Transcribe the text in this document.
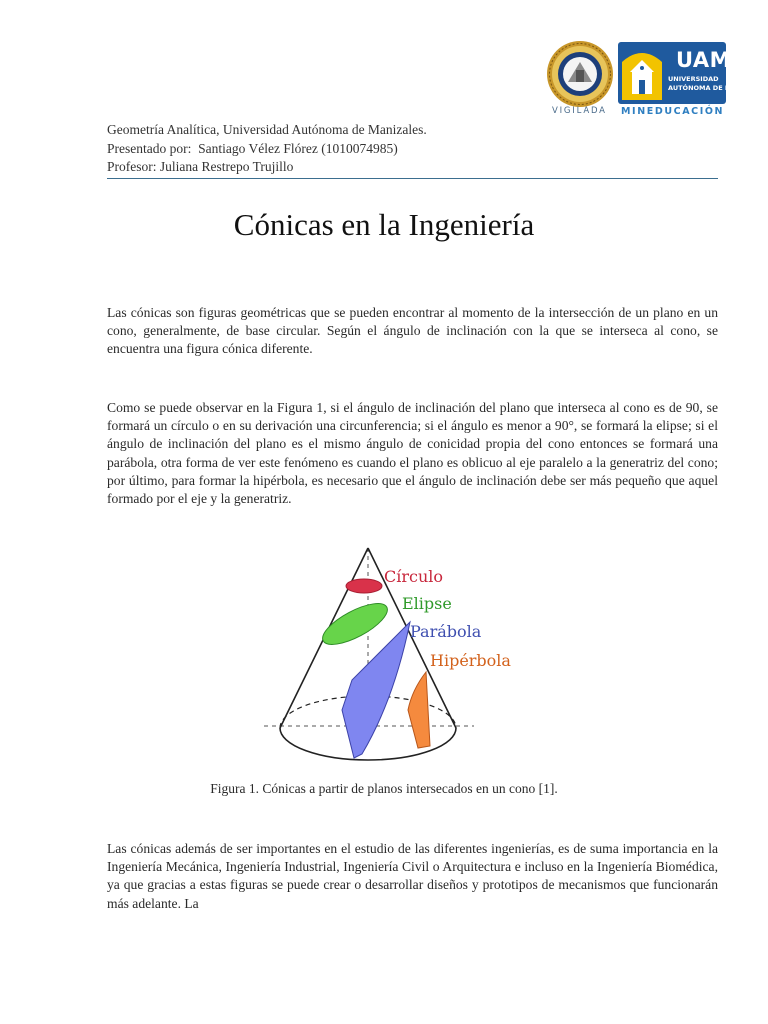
VIGILADA
UAM
UNIVERSIDAD
AUTÓNOMA DE MANIZALES
MINEDUCACIÓN
Geometría Analítica, Universidad Autónoma de Manizales.
Presentado por:  Santiago Vélez Flórez (1010074985)
Profesor: Juliana Restrepo Trujillo
Cónicas en la Ingeniería
Las cónicas son figuras geométricas que se pueden encontrar al momento de la intersección de un plano en un cono, generalmente, de base circular. Según el ángulo de inclinación con la que se interseca al cono, se encuentra una figura cónica diferente.
Como se puede observar en la Figura 1, si el ángulo de inclinación del plano que interseca al cono es de 90, se formará un círculo o en su derivación una circunferencia; si el ángulo es menor a 90°, se formará la elipse; si el ángulo de inclinación del plano es el mismo ángulo de conicidad propia del cono entonces se formará una parábola, otra forma de ver este fenómeno es cuando el plano es oblicuo al eje paralelo a la generatriz del cono; por último, para formar la hipérbola, es necesario que el ángulo de inclinación debe ser más pequeño que aquel formado por el eje y la generatriz.
Círculo
Elipse
Parábola
Hipérbola
Figura 1. Cónicas a partir de planos intersecados en un cono [1].
Las cónicas además de ser importantes en el estudio de las diferentes ingenierías, es de suma importancia en la Ingeniería Mecánica, Ingeniería Industrial, Ingeniería Civil o Arquitectura e incluso en la Ingeniería Biomédica, ya que gracias a estas figuras se puede crear o desarrollar diseños y prototipos de mecanismos que funcionarán más adelante. La
